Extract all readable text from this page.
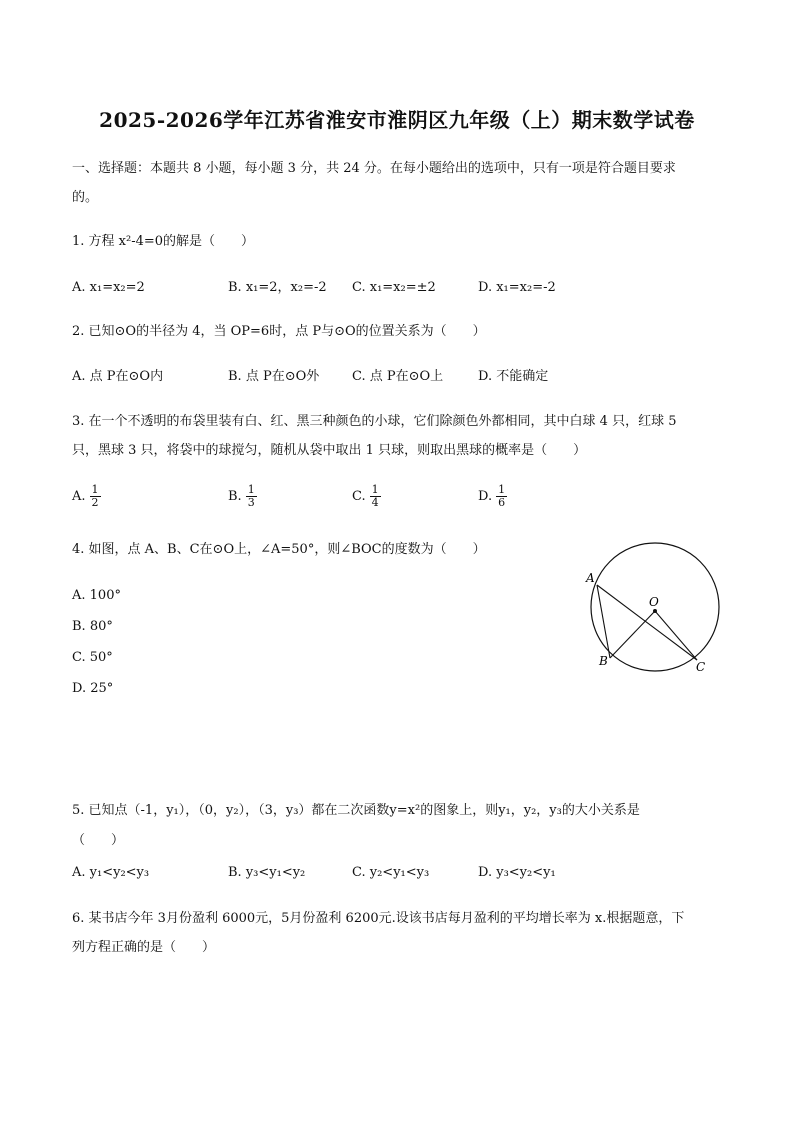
2025-2026学年江苏省淮安市淮阴区九年级（上）期末数学试卷
一、选择题：本题共 8 小题，每小题 3 分，共 24 分。在每小题给出的选项中，只有一项是符合题目要求
的。
1. 方程 x²-4=0的解是（　　）
A. x₁=x₂=2	B. x₁=2，x₂=-2 C. x₁=x₂=±2	D. x₁=x₂=-2
2. 已知⊙O的半径为 4，当 OP=6时，点 P与⊙O的位置关系为（　　）
A. 点 P在⊙O内	B. 点 P在⊙O外	C. 点 P在⊙O上	D. 不能确定
3. 在一个不透明的布袋里装有白、红、黑三种颜色的小球，它们除颜色外都相同，其中白球 4 只，红球 5
只，黑球 3 只，将袋中的球搅匀，随机从袋中取出 1 只球，则取出黑球的概率是（　　）
A. $\frac{1}{2}$	B. $\frac{1}{3}$	C. $\frac{1}{4}$	D. $\frac{1}{6}$
4. 如图，点 A、B、C在⊙O上，∠A=50°，则∠BOC的度数为（　　）
A. 100°
B. 80°
C. 50°
D. 25°
A
B	C
O
5. 已知点（-1，y₁），（0，y₂），（3，y₃）都在二次函数y=x²的图象上，则y₁，y₂，y₃的大小关系是
（　　）
A. y₁<y₂<y₃	B. y₃<y₁<y₂	C. y₂<y₁<y₃	D. y₃<y₂<y₁
6. 某书店今年 3月份盈利 6000元，5月份盈利 6200元.设该书店每月盈利的平均增长率为 x.根据题意，下
列方程正确的是（　　）
